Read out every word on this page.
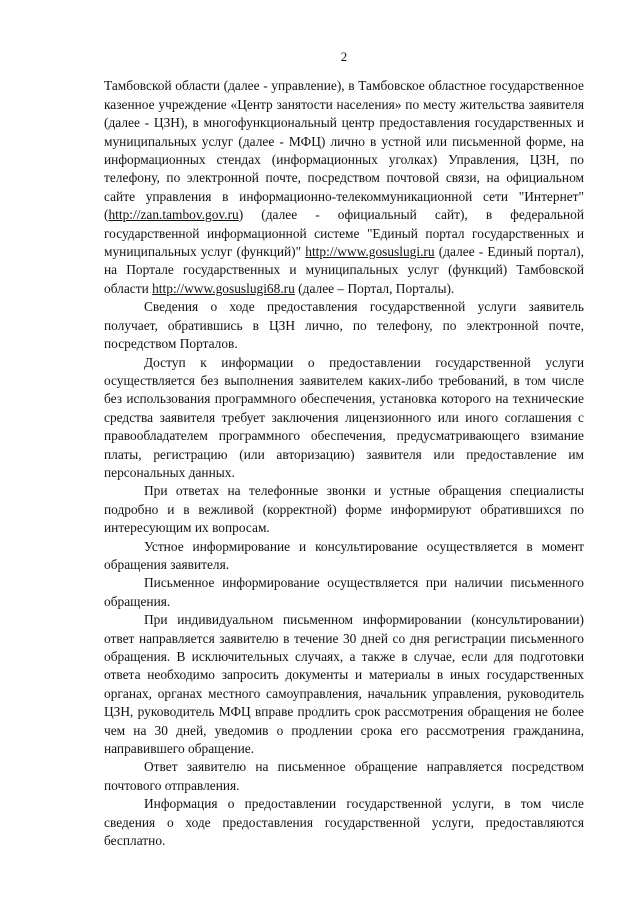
2

Тамбовской области (далее - управление), в Тамбовское областное государственное казенное учреждение «Центр занятости населения» по месту жительства заявителя (далее - ЦЗН), в многофункциональный центр предоставления государственных и муниципальных услуг (далее - МФЦ) лично в устной или письменной форме, на информационных стендах (информационных уголках) Управления, ЦЗН, по телефону, по электронной почте, посредством почтовой связи, на официальном сайте управления в информационно-телекоммуникационной сети "Интернет" (http://zan.tambov.gov.ru) (далее - официальный сайт), в федеральной государственной информационной системе "Единый портал государственных и муниципальных услуг (функций)" http://www.gosuslugi.ru (далее - Единый портал), на Портале государственных и муниципальных услуг (функций) Тамбовской области http://www.gosuslugi68.ru (далее – Портал, Порталы).

Сведения о ходе предоставления государственной услуги заявитель получает, обратившись в ЦЗН лично, по телефону, по электронной почте, посредством Порталов.

Доступ к информации о предоставлении государственной услуги осуществляется без выполнения заявителем каких-либо требований, в том числе без использования программного обеспечения, установка которого на технические средства заявителя требует заключения лицензионного или иного соглашения с правообладателем программного обеспечения, предусматривающего взимание платы, регистрацию (или авторизацию) заявителя или предоставление им персональных данных.

При ответах на телефонные звонки и устные обращения специалисты подробно и в вежливой (корректной) форме информируют обратившихся по интересующим их вопросам.

Устное информирование и консультирование осуществляется в момент обращения заявителя.

Письменное информирование осуществляется при наличии письменного обращения.

При индивидуальном письменном информировании (консультировании) ответ направляется заявителю в течение 30 дней со дня регистрации письменного обращения. В исключительных случаях, а также в случае, если для подготовки ответа необходимо запросить документы и материалы в иных государственных органах, органах местного самоуправления, начальник управления, руководитель ЦЗН, руководитель МФЦ вправе продлить срок рассмотрения обращения не более чем на 30 дней, уведомив о продлении срока его рассмотрения гражданина, направившего обращение.

Ответ заявителю на письменное обращение направляется посредством почтового отправления.

Информация о предоставлении государственной услуги, в том числе сведения о ходе предоставления государственной услуги, предоставляются бесплатно.
